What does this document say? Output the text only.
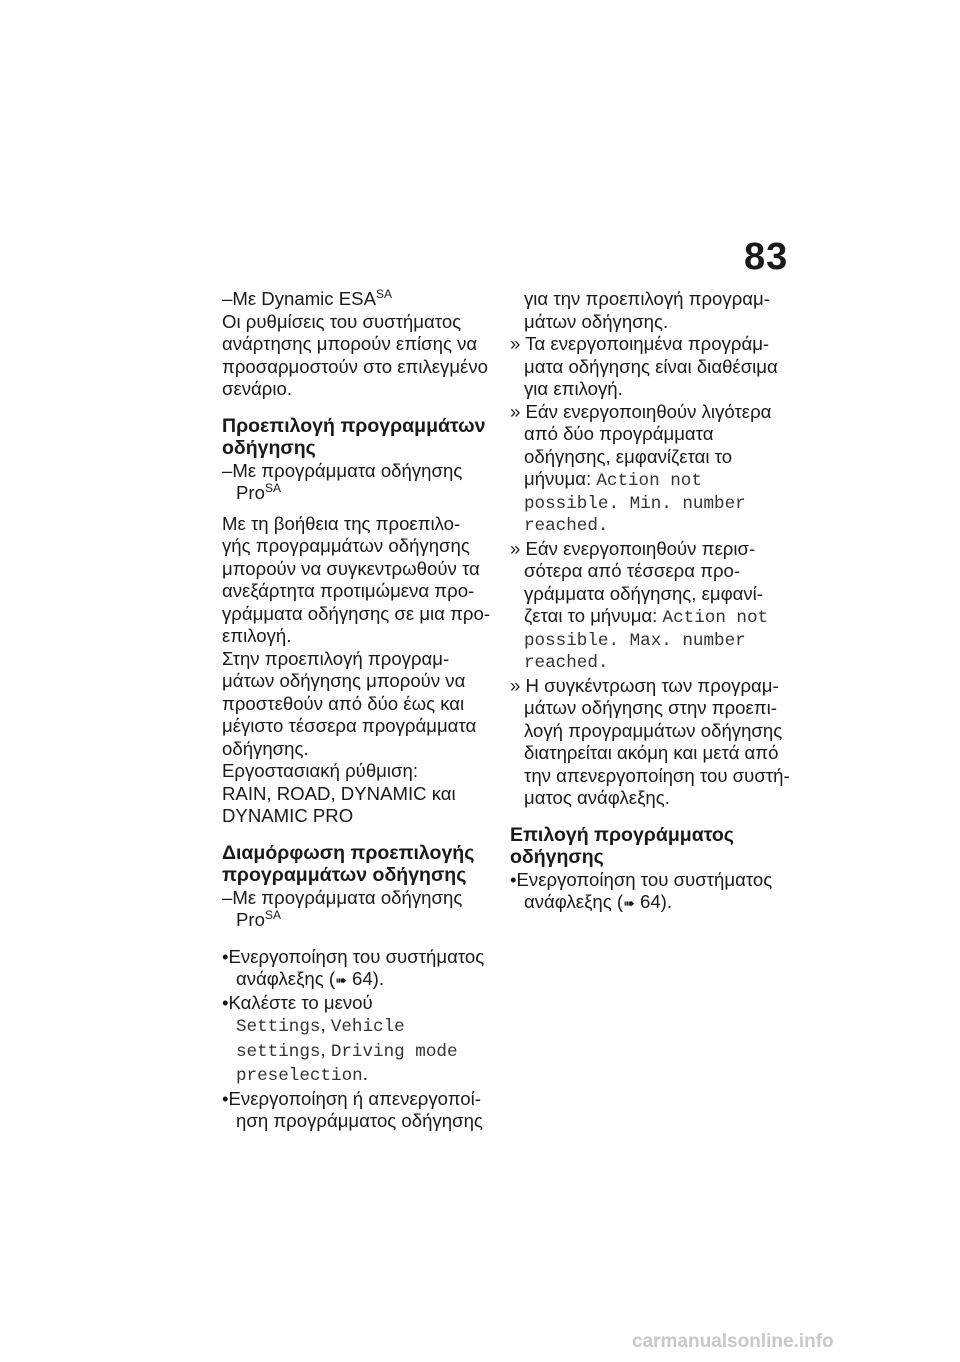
83
–Με Dynamic $ESA^{SA}$
Οι ρυθμίσεις του συστήματος
ανάρτησης μπορούν επίσης να
προσαρμοστούν στο επιλεγμένο
σενάριο.
Προεπιλογή προγραμμάτων
οδήγησης
–Με προγράμματα οδήγησης
Pro$^{SA}$
Με τη βοήθεια της προεπιλο-
γής προγραμμάτων οδήγησης
μπορούν να συγκεντρωθούν τα
ανεξάρτητα προτιμώμενα προ-
γράμματα οδήγησης σε μια προ-
επιλογή.
Στην προεπιλογή προγραμ-
μάτων οδήγησης μπορούν να
προστεθούν από δύο έως και
μέγιστο τέσσερα προγράμματα
οδήγησης.
Εργοστασιακή ρύθμιση:
RAIN, ROAD, DYNAMIC και
DYNAMIC PRO
Διαμόρφωση προεπιλογής
προγραμμάτων οδήγησης
–Με προγράμματα οδήγησης
Pro$^{SA}$
•Ενεργοποίηση του συστήματος
ανάφλεξης (➠ 64).
•Καλέστε το μενού
Settings, Vehicle
settings, Driving mode
preselection.
•Ενεργοποίηση ή απενεργοποί-
ηση προγράμματος οδήγησης
για την προεπιλογή προγραμ-
μάτων οδήγησης.
» Τα ενεργοποιημένα προγράμ-
ματα οδήγησης είναι διαθέσιμα
για επιλογή.
» Εάν ενεργοποιηθούν λιγότερα
από δύο προγράμματα
οδήγησης, εμφανίζεται το
μήνυμα: Action not
possible. Min. number
reached.
» Εάν ενεργοποιηθούν περισ-
σότερα από τέσσερα προ-
γράμματα οδήγησης, εμφανί-
ζεται το μήνυμα: Action not
possible. Max. number
reached.
» Η συγκέντρωση των προγραμ-
μάτων οδήγησης στην προεπι-
λογή προγραμμάτων οδήγησης
διατηρείται ακόμη και μετά από
την απενεργοποίηση του συστή-
ματος ανάφλεξης.
Επιλογή προγράμματος
οδήγησης
•Ενεργοποίηση του συστήματος
ανάφλεξης (➠ 64).
carmanualsonline.info
